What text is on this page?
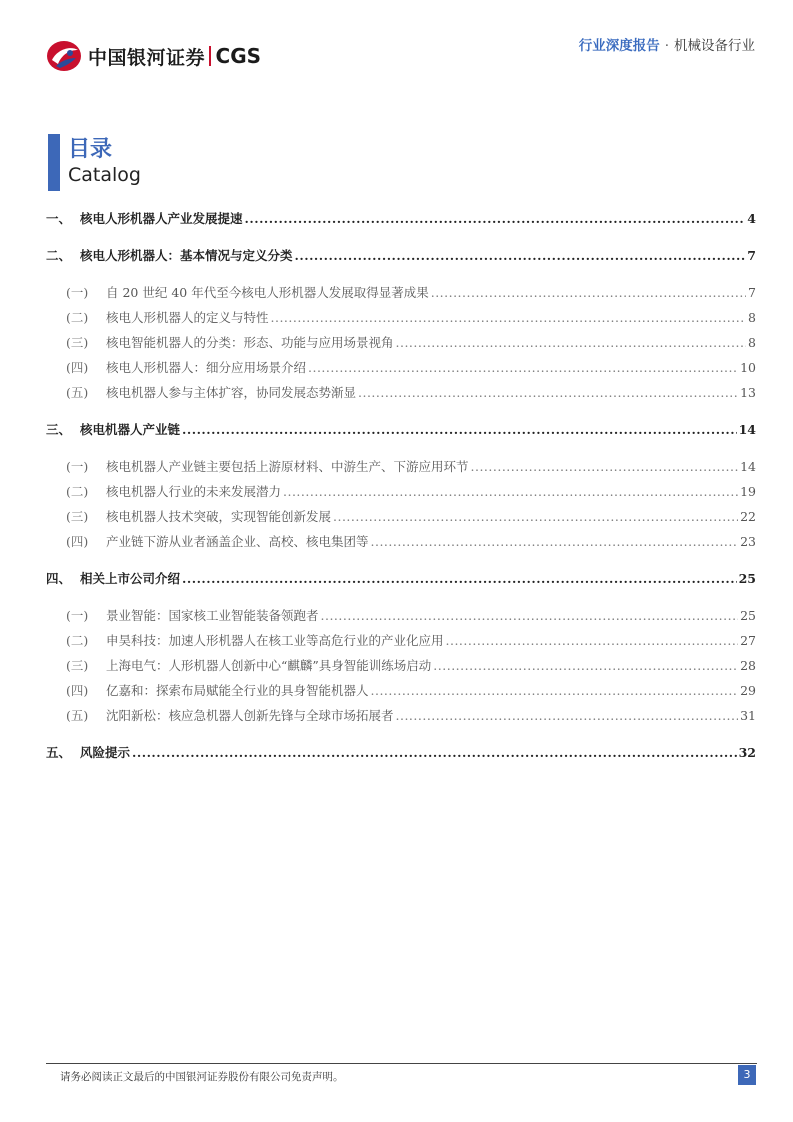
中国银河证券 CGS	行业深度报告 · 机械设备行业
目录
Catalog
一、 核电人形机器人产业发展提速 .....	4
二、 核电人形机器人：基本情况与定义分类 .....	7
(一)	自 20 世纪 40 年代至今核电人形机器人发展取得显著成果 .....	7
(二)	核电人形机器人的定义与特性 .....	8
(三)	核电智能机器人的分类：形态、功能与应用场景视角 .....	8
(四)	核电人形机器人：细分应用场景介绍 .....	10
(五)	核电机器人参与主体扩容，协同发展态势渐显 .....	13
三、 核电机器人产业链 .....	14
(一)	核电机器人产业链主要包括上游原材料、中游生产、下游应用环节 .....	14
(二)	核电机器人行业的未来发展潜力 .....	19
(三)	核电机器人技术突破，实现智能创新发展 .....	22
(四)	产业链下游从业者涵盖企业、高校、核电集团等 .....	23
四、 相关上市公司介绍 .....	25
(一)	景业智能：国家核工业智能装备领跑者 .....	25
(二)	申昊科技：加速人形机器人在核工业等高危行业的产业化应用 .....	27
(三)	上海电气：人形机器人创新中心“麒麟”具身智能训练场启动 .....	28
(四)	亿嘉和：探索布局赋能全行业的具身智能机器人 .....	29
(五)	沈阳新松：核应急机器人创新先锋与全球市场拓展者 .....	31
五、 风险提示 .....	32
请务必阅读正文最后的中国银河证券股份有限公司免责声明。	3
